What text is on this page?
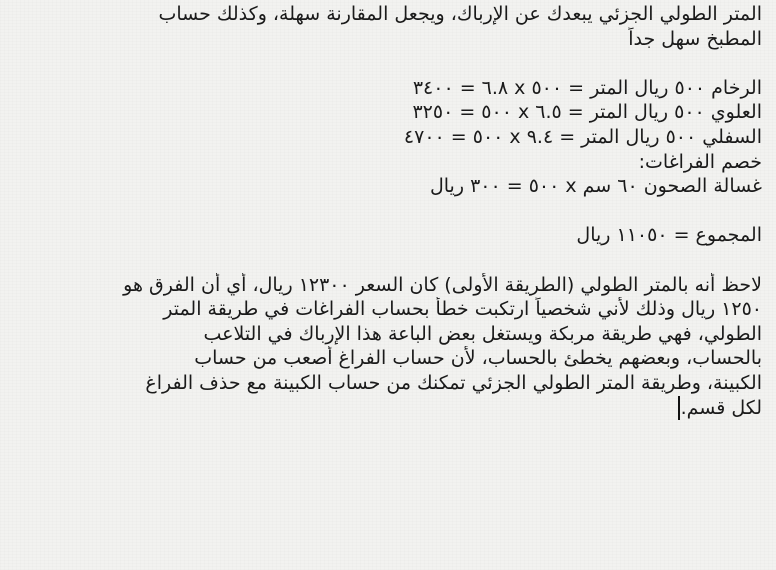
المتر الطولي الجزئي يبعدك عن الإرباك، ويجعل المقارنة سهلة، وكذلك حساب
المطبخ سهل جداً
الرخام ٥٠٠ ريال المتر = ٥٠٠ x ٦.٨ = ٣٤٠٠
العلوي ٥٠٠ ريال المتر = ٦.٥ x ٥٠٠ = ٣٢٥٠
السفلي ٥٠٠ ريال المتر = ٩.٤ x ٥٠٠ = ٤٧٠٠
خصم الفراغات:
غسالة الصحون ٦٠ سم x ٥٠٠ = ٣٠٠ ريال
المجموع = ١١٠٥٠ ريال
لاحظ أنه بالمتر الطولي (الطريقة الأولى) كان السعر ١٢٣٠٠ ريال، أي أن الفرق هو
١٢٥٠ ريال وذلك لأني شخصياً ارتكبت خطأً بحساب الفراغات في طريقة المتر
الطولي، فهي طريقة مربكة ويستغل بعض الباعة هذا الإرباك في التلاعب
بالحساب، وبعضهم يخطئ بالحساب، لأن حساب الفراغ أصعب من حساب
الكبينة، وطريقة المتر الطولي الجزئي تمكنك من حساب الكبينة مع حذف الفراغ
لكل قسم.
